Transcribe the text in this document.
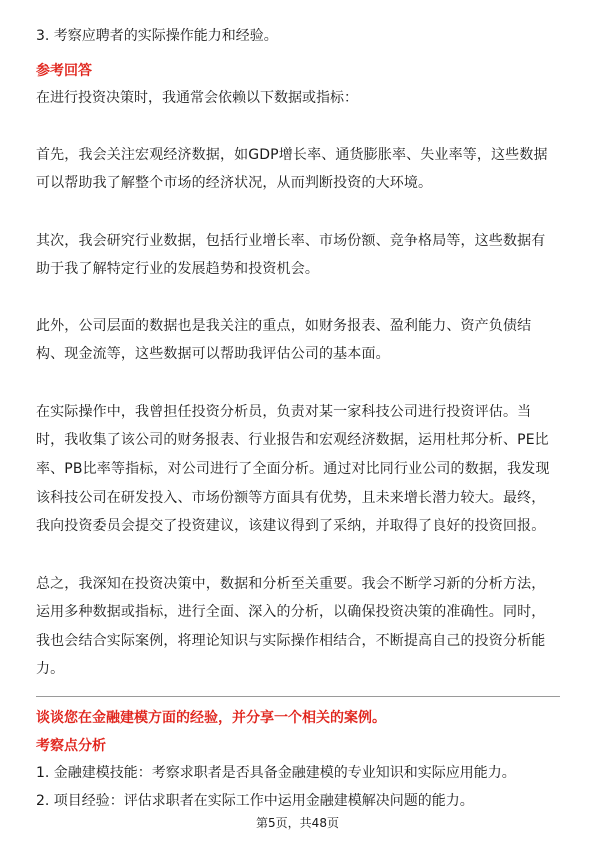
3. 考察应聘者的实际操作能力和经验。
参考回答
在进行投资决策时，我通常会依赖以下数据或指标：
首先，我会关注宏观经济数据，如GDP增长率、通货膨胀率、失业率等，这些数据
可以帮助我了解整个市场的经济状况，从而判断投资的大环境。
其次，我会研究行业数据，包括行业增长率、市场份额、竞争格局等，这些数据有
助于我了解特定行业的发展趋势和投资机会。
此外，公司层面的数据也是我关注的重点，如财务报表、盈利能力、资产负债结
构、现金流等，这些数据可以帮助我评估公司的基本面。
在实际操作中，我曾担任投资分析员，负责对某一家科技公司进行投资评估。当
时，我收集了该公司的财务报表、行业报告和宏观经济数据，运用杜邦分析、PE比
率、PB比率等指标，对公司进行了全面分析。通过对比同行业公司的数据，我发现
该科技公司在研发投入、市场份额等方面具有优势，且未来增长潜力较大。最终，
我向投资委员会提交了投资建议，该建议得到了采纳，并取得了良好的投资回报。
总之，我深知在投资决策中，数据和分析至关重要。我会不断学习新的分析方法，
运用多种数据或指标，进行全面、深入的分析，以确保投资决策的准确性。同时，
我也会结合实际案例，将理论知识与实际操作相结合，不断提高自己的投资分析能
力。
谈谈您在金融建模方面的经验，并分享一个相关的案例。
考察点分析
1. 金融建模技能：考察求职者是否具备金融建模的专业知识和实际应用能力。
2. 项目经验：评估求职者在实际工作中运用金融建模解决问题的能力。
第5页，共48页
